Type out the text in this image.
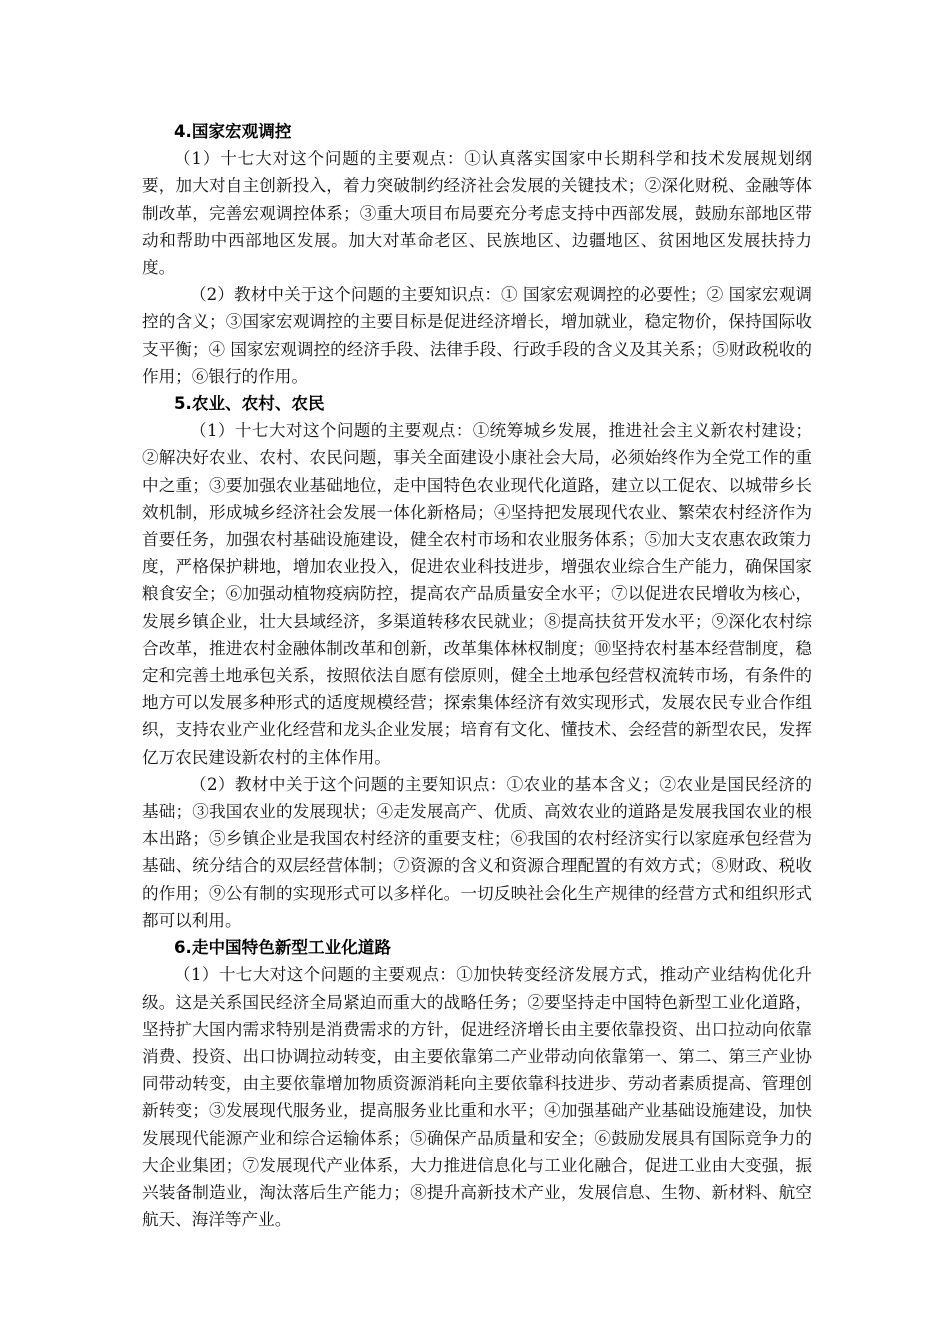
4.国家宏观调控

（1）十七大对这个问题的主要观点：①认真落实国家中长期科学和技术发展规划纲要，加大对自主创新投入，着力突破制约经济社会发展的关键技术；②深化财税、金融等体制改革，完善宏观调控体系；③重大项目布局要充分考虑支持中西部发展，鼓励东部地区带动和帮助中西部地区发展。加大对革命老区、民族地区、边疆地区、贫困地区发展扶持力度。

（2）教材中关于这个问题的主要知识点：① 国家宏观调控的必要性；② 国家宏观调控的含义；③国家宏观调控的主要目标是促进经济增长，增加就业，稳定物价，保持国际收支平衡；④ 国家宏观调控的经济手段、法律手段、行政手段的含义及其关系；⑤财政税收的作用；⑥银行的作用。

5.农业、农村、农民

（1）十七大对这个问题的主要观点：①统筹城乡发展，推进社会主义新农村建设；②解决好农业、农村、农民问题，事关全面建设小康社会大局，必须始终作为全党工作的重中之重；③要加强农业基础地位，走中国特色农业现代化道路，建立以工促农、以城带乡长效机制，形成城乡经济社会发展一体化新格局；④坚持把发展现代农业、繁荣农村经济作为首要任务，加强农村基础设施建设，健全农村市场和农业服务体系；⑤加大支农惠农政策力度，严格保护耕地，增加农业投入，促进农业科技进步，增强农业综合生产能力，确保国家粮食安全；⑥加强动植物疫病防控，提高农产品质量安全水平；⑦以促进农民增收为核心，发展乡镇企业，壮大县域经济，多渠道转移农民就业；⑧提高扶贫开发水平；⑨深化农村综合改革，推进农村金融体制改革和创新，改革集体林权制度；⑩坚持农村基本经营制度，稳定和完善土地承包关系，按照依法自愿有偿原则，健全土地承包经营权流转市场，有条件的地方可以发展多种形式的适度规模经营；探索集体经济有效实现形式，发展农民专业合作组织，支持农业产业化经营和龙头企业发展；培育有文化、懂技术、会经营的新型农民，发挥亿万农民建设新农村的主体作用。

（2）教材中关于这个问题的主要知识点：①农业的基本含义；②农业是国民经济的基础；③我国农业的发展现状；④走发展高产、优质、高效农业的道路是发展我国农业的根本出路；⑤乡镇企业是我国农村经济的重要支柱；⑥我国的农村经济实行以家庭承包经营为基础、统分结合的双层经营体制；⑦资源的含义和资源合理配置的有效方式；⑧财政、税收的作用；⑨公有制的实现形式可以多样化。一切反映社会化生产规律的经营方式和组织形式都可以利用。

6.走中国特色新型工业化道路

（1）十七大对这个问题的主要观点：①加快转变经济发展方式，推动产业结构优化升级。这是关系国民经济全局紧迫而重大的战略任务；②要坚持走中国特色新型工业化道路，坚持扩大国内需求特别是消费需求的方针，促进经济增长由主要依靠投资、出口拉动向依靠消费、投资、出口协调拉动转变，由主要依靠第二产业带动向依靠第一、第二、第三产业协同带动转变，由主要依靠增加物质资源消耗向主要依靠科技进步、劳动者素质提高、管理创新转变；③发展现代服务业，提高服务业比重和水平；④加强基础产业基础设施建设，加快发展现代能源产业和综合运输体系；⑤确保产品质量和安全；⑥鼓励发展具有国际竞争力的大企业集团；⑦发展现代产业体系，大力推进信息化与工业化融合，促进工业由大变强，振兴装备制造业，淘汰落后生产能力；⑧提升高新技术产业，发展信息、生物、新材料、航空航天、海洋等产业。
